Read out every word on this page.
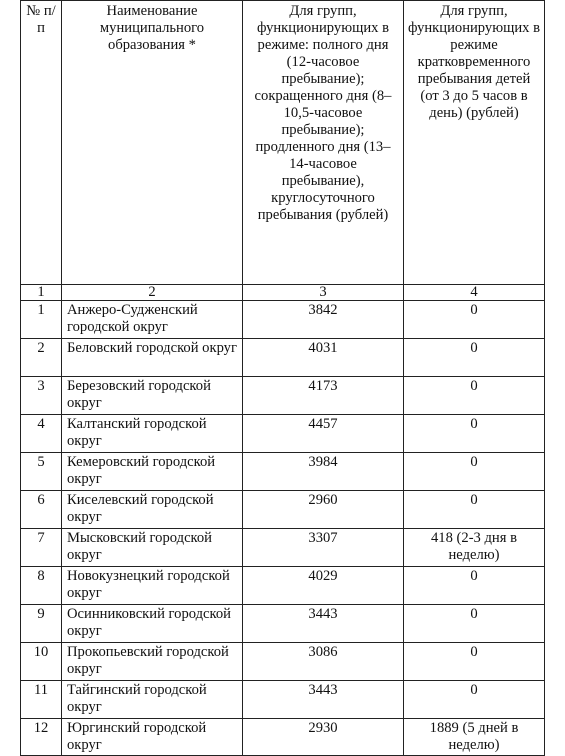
№ п/п	Наименование муниципального образования *	Для групп, функционирующих в режиме: полного дня (12-часовое пребывание); сокращенного дня (8–10,5-часовое пребывание); продленного дня (13–14-часовое пребывание), круглосуточного пребывания (рублей)	Для групп, функционирующих в режиме кратковременного пребывания детей (от 3 до 5 часов в день) (рублей)
1	2	3	4
1	Анжеро-Судженский городской округ	3842	0
2	Беловский городской округ	4031	0
3	Березовский городской округ	4173	0
4	Калтанский городской округ	4457	0
5	Кемеровский городской округ	3984	0
6	Киселевский городской округ	2960	0
7	Мысковский городской округ	3307	418 (2-3 дня в неделю)
8	Новокузнецкий городской округ	4029	0
9	Осинниковский городской округ	3443	0
10	Прокопьевский городской округ	3086	0
11	Тайгинский городской округ	3443	0
12	Юргинский городской округ	2930	1889 (5 дней в неделю)
